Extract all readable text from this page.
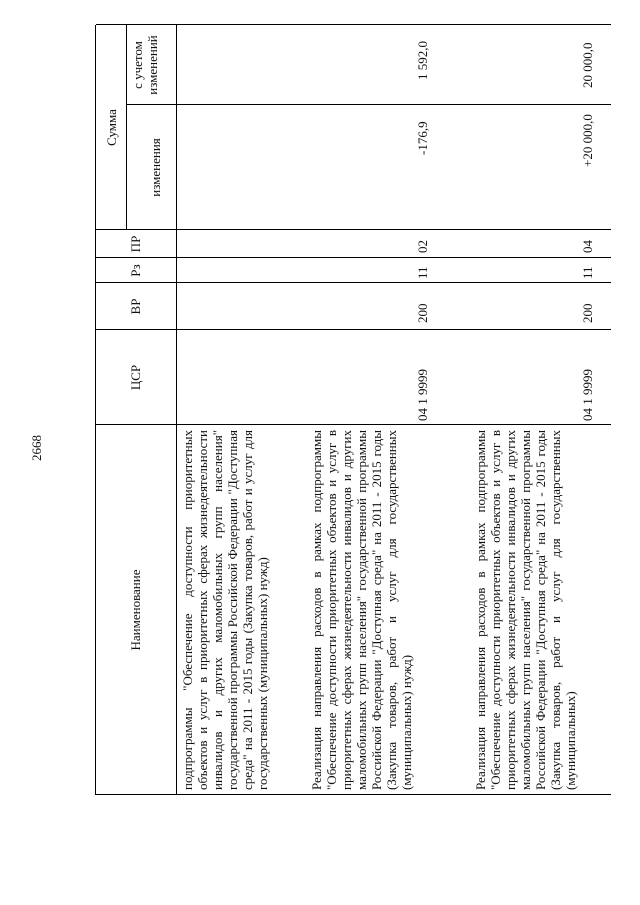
2668
Наименование
ЦСР
ВР
Рз
ПР
Сумма
изменения
с учетом
изменений
подпрограммы "Обеспечение доступности приоритетных объектов и услуг в приоритетных сферах жизнедеятельности инвалидов и других маломобильных групп населения" государственной программы Российской Федерации "Доступная среда" на 2011 - 2015 годы (Закупка товаров, работ и услуг для государственных (муниципальных) нужд)	Реализация направления расходов в рамках подпрограммы "Обеспечение доступности приоритетных объектов и услуг в приоритетных сферах жизнедеятельности инвалидов и других маломобильных групп населения" государственной программы Российской Федерации "Доступная среда" на 2011 - 2015 годы (Закупка товаров, работ и услуг для государственных (муниципальных) нужд)
04 1 9999
200
11
02
-176,9
1 592,0
Реализация направления расходов в рамках подпрограммы "Обеспечение доступности приоритетных объектов и услуг в приоритетных сферах жизнедеятельности инвалидов и других маломобильных групп населения" государственной программы Российской Федерации "Доступная среда" на 2011 - 2015 годы (Закупка товаров, работ и услуг для государственных (муниципальных)
04 1 9999
200
11
04
+20 000,0
20 000,0
